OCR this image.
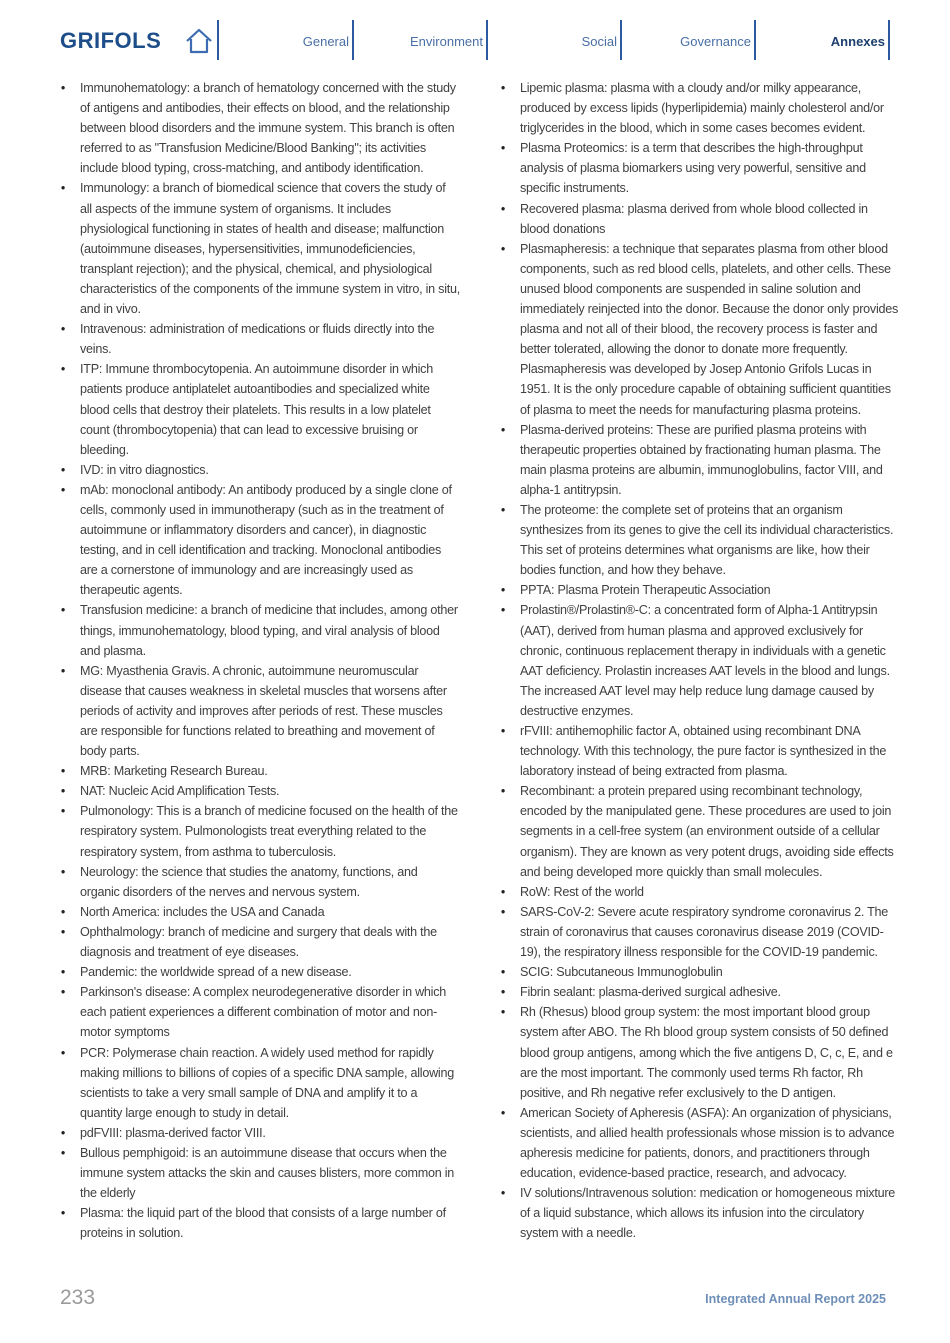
GRIFOLS	General	Environment	Social	Governance	Annexes
• Immunohematology: a branch of hematology concerned with the study of antigens and antibodies, their effects on blood, and the relationship between blood disorders and the immune system. This branch is often referred to as "Transfusion Medicine/Blood Banking"; its activities include blood typing, cross-matching, and antibody identification.
• Immunology: a branch of biomedical science that covers the study of all aspects of the immune system of organisms. It includes physiological functioning in states of health and disease; malfunction (autoimmune diseases, hypersensitivities, immunodeficiencies, transplant rejection); and the physical, chemical, and physiological characteristics of the components of the immune system in vitro, in situ, and in vivo.
• Intravenous: administration of medications or fluids directly into the veins.
• ITP: Immune thrombocytopenia. An autoimmune disorder in which patients produce antiplatelet autoantibodies and specialized white blood cells that destroy their platelets. This results in a low platelet count (thrombocytopenia) that can lead to excessive bruising or bleeding.
• IVD: in vitro diagnostics.
• mAb: monoclonal antibody: An antibody produced by a single clone of cells, commonly used in immunotherapy (such as in the treatment of autoimmune or inflammatory disorders and cancer), in diagnostic testing, and in cell identification and tracking. Monoclonal antibodies are a cornerstone of immunology and are increasingly used as therapeutic agents.
• Transfusion medicine: a branch of medicine that includes, among other things, immunohematology, blood typing, and viral analysis of blood and plasma.
• MG: Myasthenia Gravis. A chronic, autoimmune neuromuscular disease that causes weakness in skeletal muscles that worsens after periods of activity and improves after periods of rest. These muscles are responsible for functions related to breathing and movement of body parts.
• MRB: Marketing Research Bureau.
• NAT: Nucleic Acid Amplification Tests.
• Pulmonology: This is a branch of medicine focused on the health of the respiratory system. Pulmonologists treat everything related to the respiratory system, from asthma to tuberculosis.
• Neurology: the science that studies the anatomy, functions, and organic disorders of the nerves and nervous system.
• North America: includes the USA and Canada
• Ophthalmology: branch of medicine and surgery that deals with the diagnosis and treatment of eye diseases.
• Pandemic: the worldwide spread of a new disease.
• Parkinson's disease: A complex neurodegenerative disorder in which each patient experiences a different combination of motor and non-motor symptoms
• PCR: Polymerase chain reaction. A widely used method for rapidly making millions to billions of copies of a specific DNA sample, allowing scientists to take a very small sample of DNA and amplify it to a quantity large enough to study in detail.
• pdFVIII: plasma-derived factor VIII.
• Bullous pemphigoid: is an autoimmune disease that occurs when the immune system attacks the skin and causes blisters, more common in the elderly
• Plasma: the liquid part of the blood that consists of a large number of proteins in solution.
• Lipemic plasma: plasma with a cloudy and/or milky appearance, produced by excess lipids (hyperlipidemia) mainly cholesterol and/or triglycerides in the blood, which in some cases becomes evident.
• Plasma Proteomics: is a term that describes the high-throughput analysis of plasma biomarkers using very powerful, sensitive and specific instruments.
• Recovered plasma: plasma derived from whole blood collected in blood donations
• Plasmapheresis: a technique that separates plasma from other blood components, such as red blood cells, platelets, and other cells. These unused blood components are suspended in saline solution and immediately reinjected into the donor. Because the donor only provides plasma and not all of their blood, the recovery process is faster and better tolerated, allowing the donor to donate more frequently. Plasmapheresis was developed by Josep Antonio Grifols Lucas in 1951. It is the only procedure capable of obtaining sufficient quantities of plasma to meet the needs for manufacturing plasma proteins.
• Plasma-derived proteins: These are purified plasma proteins with therapeutic properties obtained by fractionating human plasma. The main plasma proteins are albumin, immunoglobulins, factor VIII, and alpha-1 antitrypsin.
• The proteome: the complete set of proteins that an organism synthesizes from its genes to give the cell its individual characteristics. This set of proteins determines what organisms are like, how their bodies function, and how they behave.
• PPTA: Plasma Protein Therapeutic Association
• Prolastin®/Prolastin®-C: a concentrated form of Alpha-1 Antitrypsin (AAT), derived from human plasma and approved exclusively for chronic, continuous replacement therapy in individuals with a genetic AAT deficiency. Prolastin increases AAT levels in the blood and lungs. The increased AAT level may help reduce lung damage caused by destructive enzymes.
• rFVIII: antihemophilic factor A, obtained using recombinant DNA technology. With this technology, the pure factor is synthesized in the laboratory instead of being extracted from plasma.
• Recombinant: a protein prepared using recombinant technology, encoded by the manipulated gene. These procedures are used to join segments in a cell-free system (an environment outside of a cellular organism). They are known as very potent drugs, avoiding side effects and being developed more quickly than small molecules.
• RoW: Rest of the world
• SARS-CoV-2: Severe acute respiratory syndrome coronavirus 2. The strain of coronavirus that causes coronavirus disease 2019 (COVID-19), the respiratory illness responsible for the COVID-19 pandemic.
• SCIG: Subcutaneous Immunoglobulin
• Fibrin sealant: plasma-derived surgical adhesive.
• Rh (Rhesus) blood group system: the most important blood group system after ABO. The Rh blood group system consists of 50 defined blood group antigens, among which the five antigens D, C, c, E, and e are the most important. The commonly used terms Rh factor, Rh positive, and Rh negative refer exclusively to the D antigen.
• American Society of Apheresis (ASFA): An organization of physicians, scientists, and allied health professionals whose mission is to advance apheresis medicine for patients, donors, and practitioners through education, evidence-based practice, research, and advocacy.
• IV solutions/Intravenous solution: medication or homogeneous mixture of a liquid substance, which allows its infusion into the circulatory system with a needle.
233	Integrated Annual Report 2025
